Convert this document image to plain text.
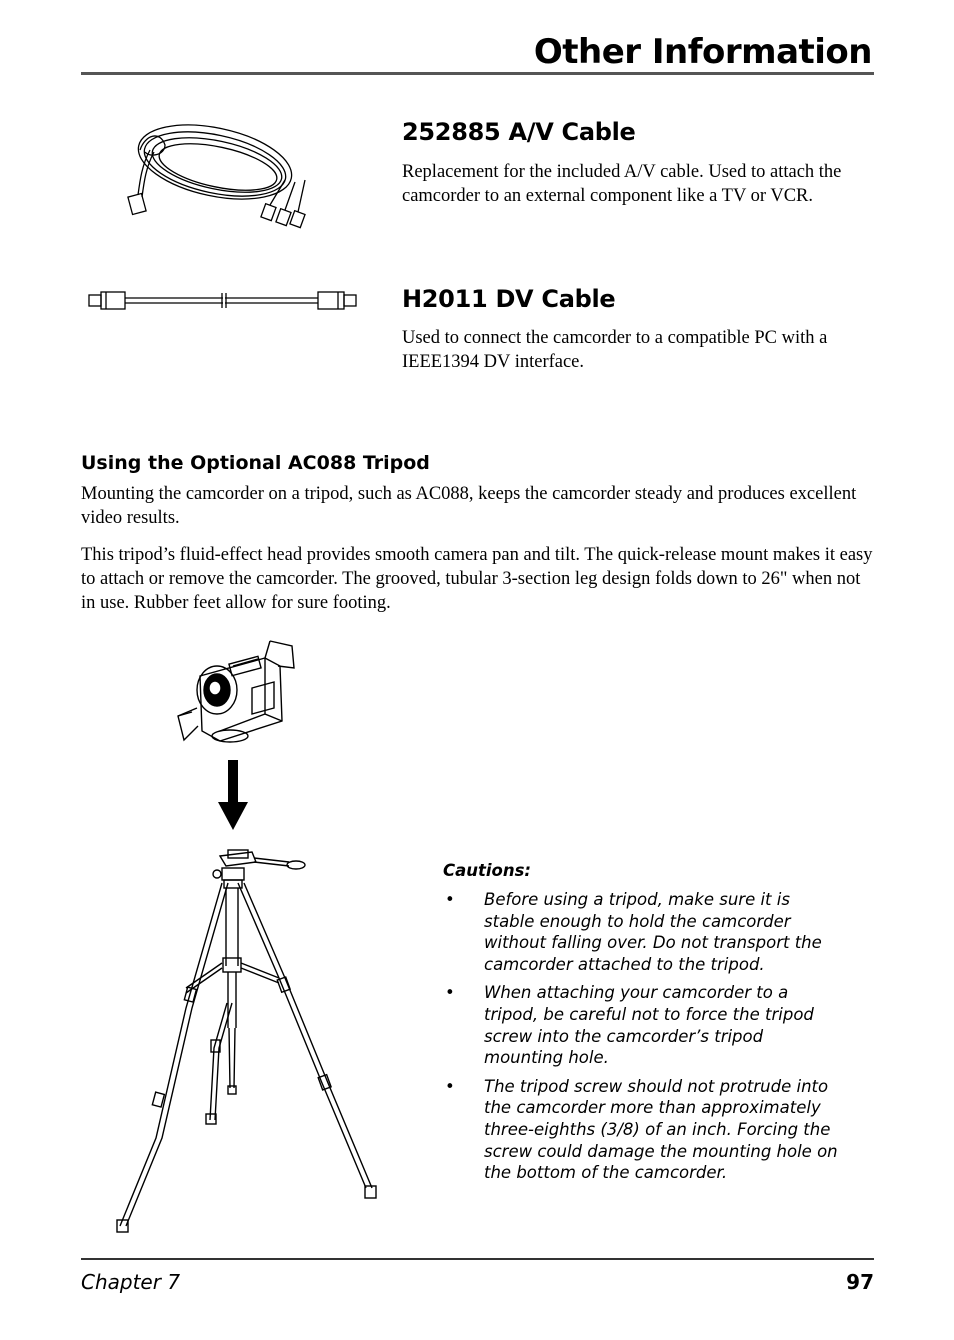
Other Information
252885 A/V Cable
Replacement for the included A/V cable. Used to attach the camcorder to an external component like a TV or VCR.
H2011 DV Cable
Used to connect the camcorder to a compatible PC with a IEEE1394 DV interface.
Using the Optional AC088 Tripod
Mounting the camcorder on a tripod, such as AC088, keeps the camcorder steady and produces excellent video results.
This tripod’s fluid-effect head provides smooth camera pan and tilt. The quick-release mount makes it easy to attach or remove the camcorder. The grooved, tubular 3-section leg design folds down to 26" when not in use. Rubber feet allow for sure footing.
Cautions:
• Before using a tripod, make sure it is stable enough to hold the camcorder without falling over. Do not transport the camcorder attached to the tripod.
• When attaching your camcorder to a tripod, be careful not to force the tripod screw into the camcorder’s tripod mounting hole.
• The tripod screw should not protrude into the camcorder more than approximately three-eighths (3/8) of an inch. Forcing the screw could damage the mounting hole on the bottom of the camcorder.
Chapter 7	97
